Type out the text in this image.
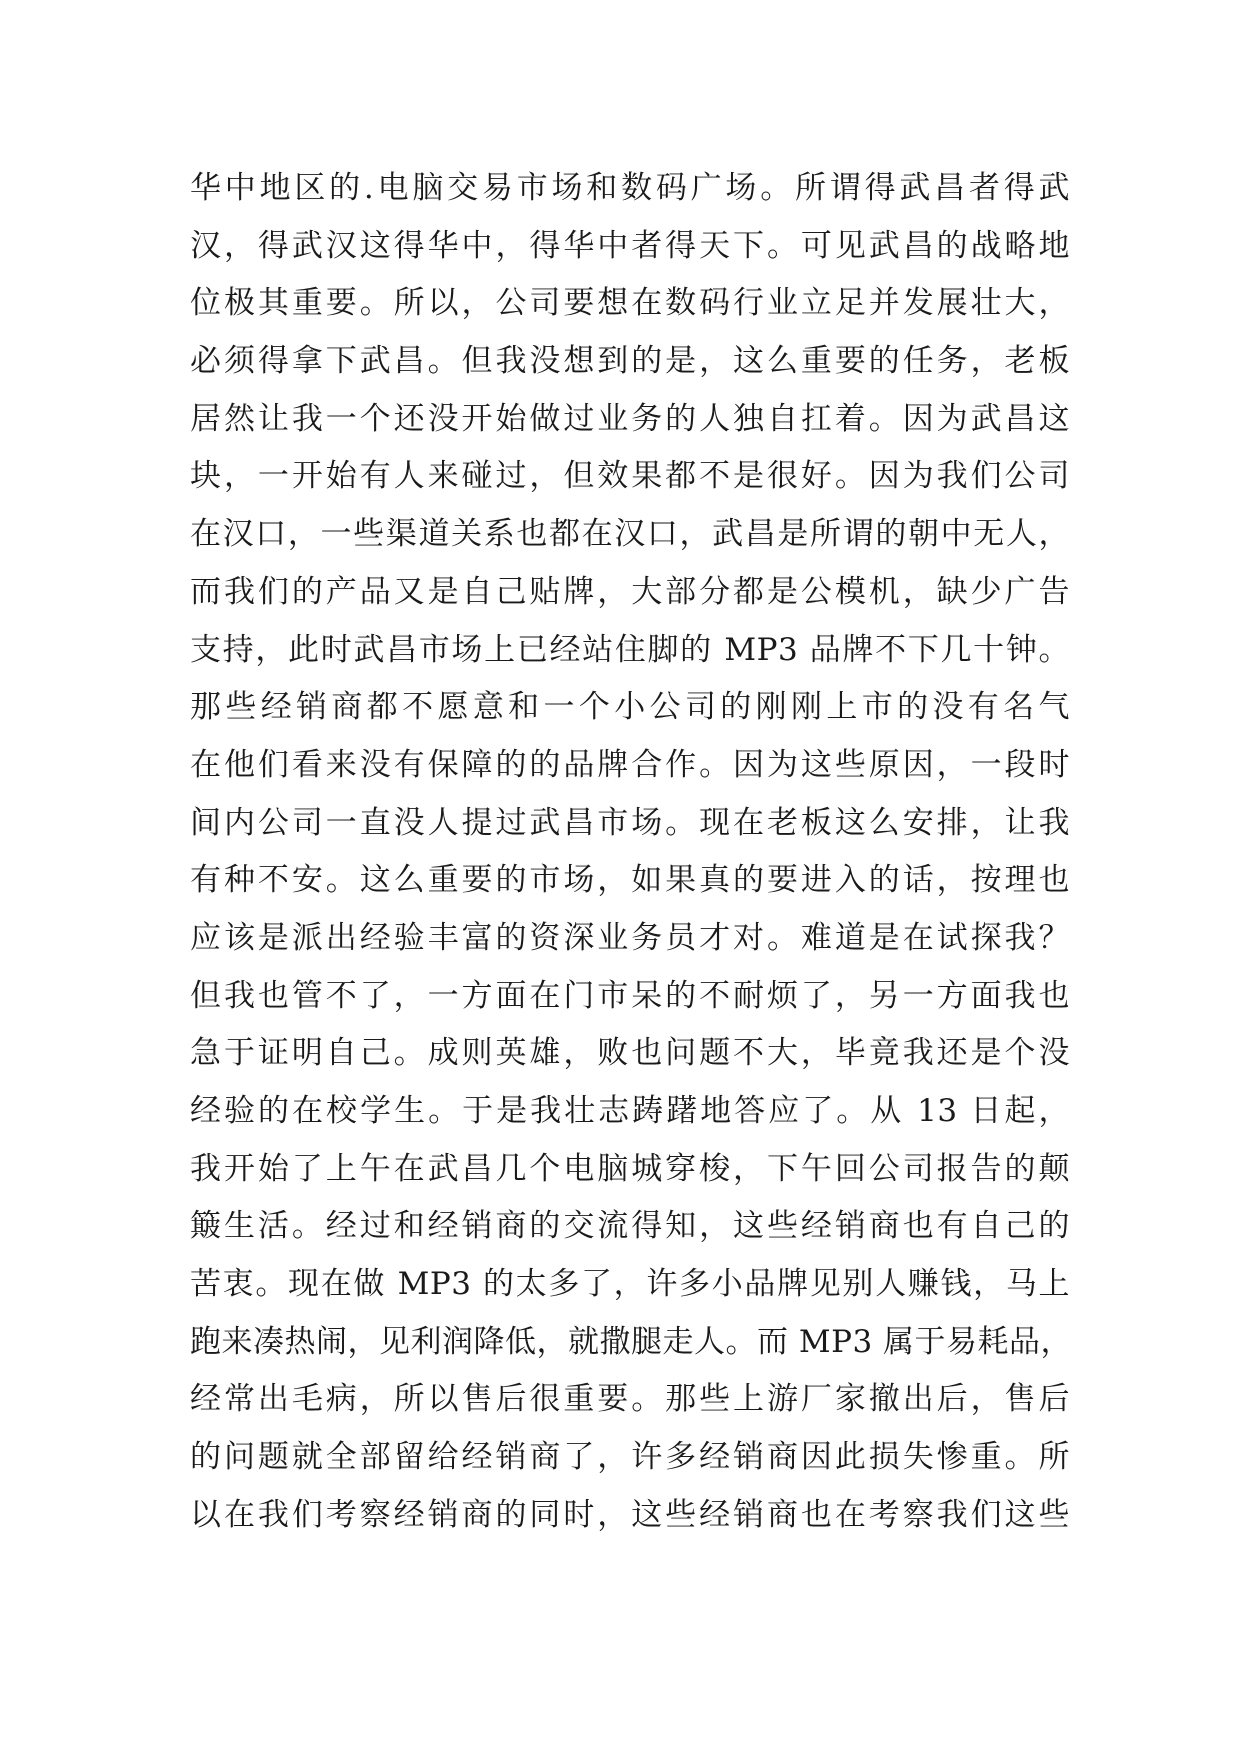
华中地区的.电脑交易市场和数码广场。所谓得武昌者得武
汉，得武汉这得华中，得华中者得天下。可见武昌的战略地
位极其重要。所以，公司要想在数码行业立足并发展壮大，
必须得拿下武昌。但我没想到的是，这么重要的任务，老板
居然让我一个还没开始做过业务的人独自扛着。因为武昌这
块，一开始有人来碰过，但效果都不是很好。因为我们公司
在汉口，一些渠道关系也都在汉口，武昌是所谓的朝中无人，
而我们的产品又是自己贴牌，大部分都是公模机，缺少广告
支持，此时武昌市场上已经站住脚的 MP3 品牌不下几十钟。
那些经销商都不愿意和一个小公司的刚刚上市的没有名气
在他们看来没有保障的的品牌合作。因为这些原因，一段时
间内公司一直没人提过武昌市场。现在老板这么安排，让我
有种不安。这么重要的市场，如果真的要进入的话，按理也
应该是派出经验丰富的资深业务员才对。难道是在试探我？
但我也管不了，一方面在门市呆的不耐烦了，另一方面我也
急于证明自己。成则英雄，败也问题不大，毕竟我还是个没
经验的在校学生。于是我壮志踌躇地答应了。从 13 日起，
我开始了上午在武昌几个电脑城穿梭，下午回公司报告的颠
簸生活。经过和经销商的交流得知，这些经销商也有自己的
苦衷。现在做 MP3 的太多了，许多小品牌见别人赚钱，马上
跑来凑热闹，见利润降低，就撒腿走人。而 MP3 属于易耗品，
经常出毛病，所以售后很重要。那些上游厂家撤出后，售后
的问题就全部留给经销商了，许多经销商因此损失惨重。所
以在我们考察经销商的同时，这些经销商也在考察我们这些
